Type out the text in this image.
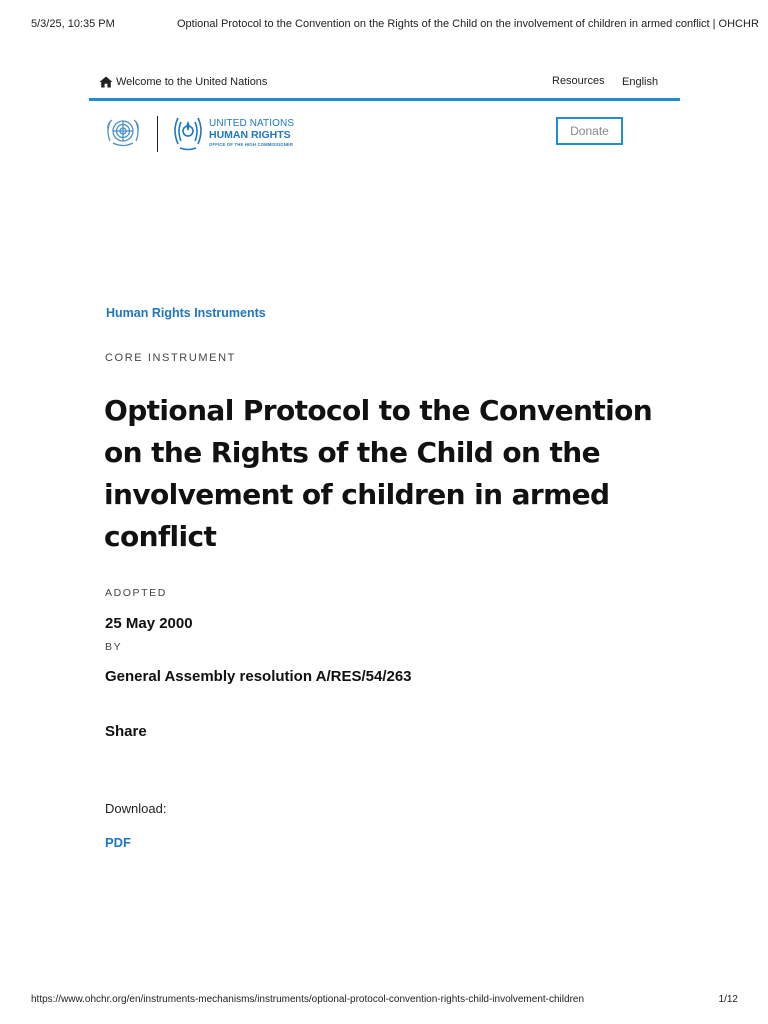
5/3/25, 10:35 PM	Optional Protocol to the Convention on the Rights of the Child on the involvement of children in armed conflict | OHCHR
Welcome to the United Nations	Resources English
UNITED NATIONS
HUMAN RIGHTS
OFFICE OF THE HIGH COMMISSIONER
Donate
Human Rights Instruments
CORE INSTRUMENT
Optional Protocol to the Convention on the Rights of the Child on the involvement of children in armed conflict
ADOPTED
25 May 2000
BY
General Assembly resolution A/RES/54/263
Share
Download:
PDF
https://www.ohchr.org/en/instruments-mechanisms/instruments/optional-protocol-convention-rights-child-involvement-children	1/12
